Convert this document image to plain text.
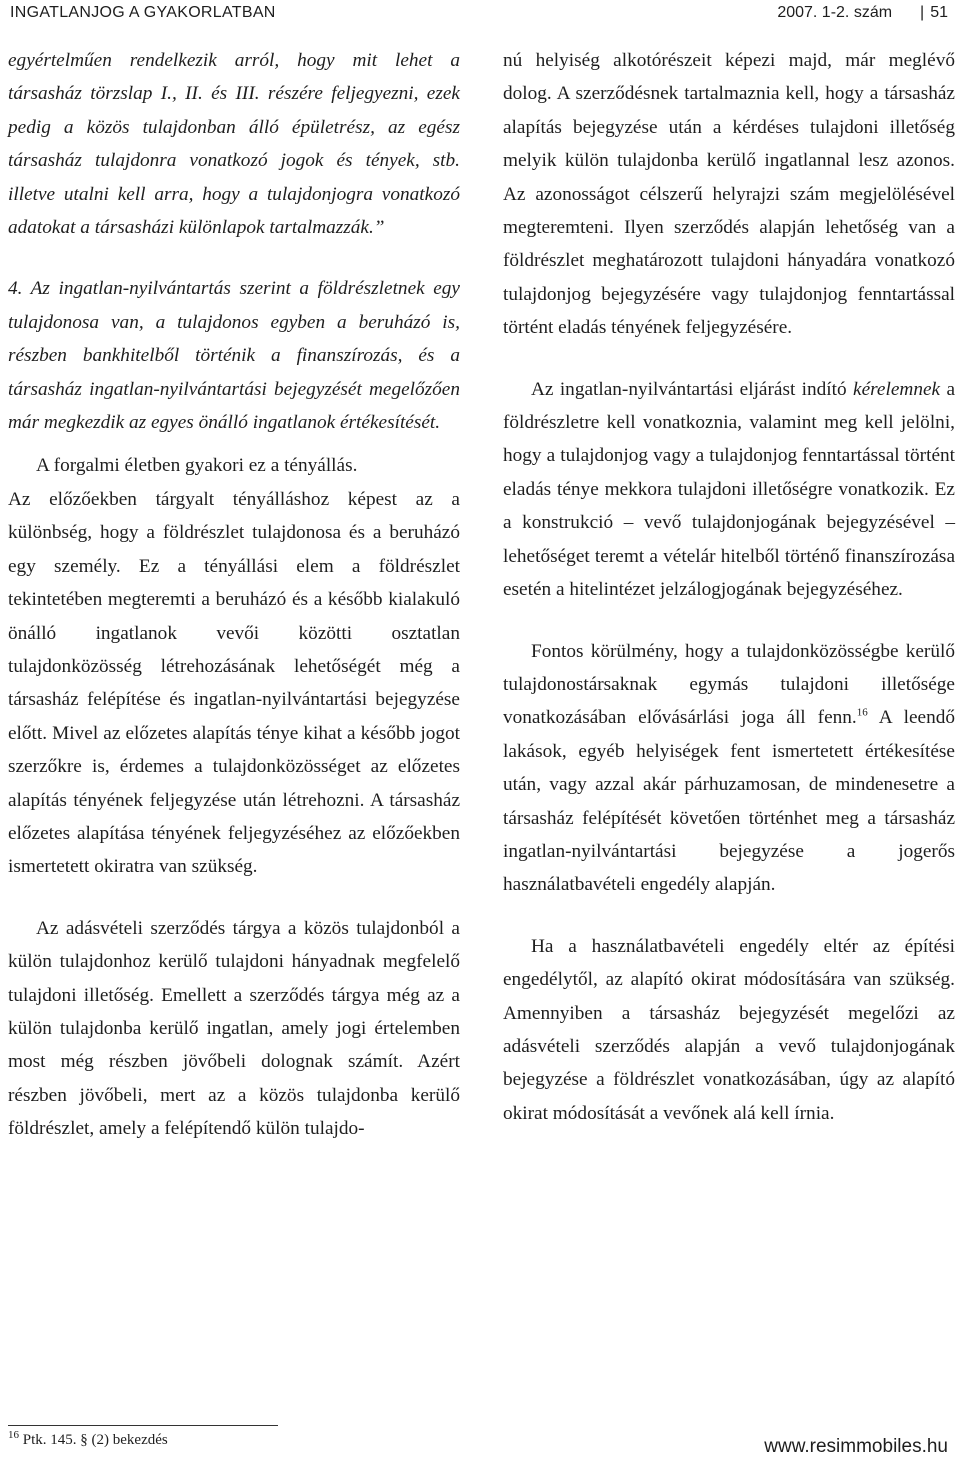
INGATLANJOG A GYAKORLATBAN	2007. 1-2. szám | 51

egyértelműen rendelkezik arról, hogy mit lehet a társasház törzslap I., II. és III. részére feljegyezni, ezek pedig a közös tulajdonban álló épületrész, az egész társasház tulajdonra vonatkozó jogok és tények, stb. illetve utalni kell arra, hogy a tulajdonjogra vonatkozó adatokat a társasházi különlapok tartalmazzák.”

4. Az ingatlan-nyilvántartás szerint a földrészletnek egy tulajdonosa van, a tulajdonos egyben a beruházó is, részben bankhitelből történik a finanszírozás, és a társasház ingatlan-nyilvántartási bejegyzését megelőzően már megkezdik az egyes önálló ingatlanok értékesítését.

A forgalmi életben gyakori ez a tényállás.

Az előzőekben tárgyalt tényálláshoz képest az a különbség, hogy a földrészlet tulajdonosa és a beruházó egy személy. Ez a tényállási elem a földrészlet tekintetében megteremti a beruházó és a később kialakuló önálló ingatlanok vevői közötti osztatlan tulajdonközösség létrehozásának lehetőségét még a társasház felépítése és ingatlan-nyilvántartási bejegyzése előtt. Mivel az előzetes alapítás ténye kihat a később jogot szerzőkre is, érdemes a tulajdonközösséget az előzetes alapítás tényének feljegyzése után létrehozni. A társasház előzetes alapítása tényének feljegyzéséhez az előzőekben ismertetett okiratra van szükség.

Az adásvételi szerződés tárgya a közös tulajdonból a külön tulajdonhoz kerülő tulajdoni hányadnak megfelelő tulajdoni illetőség. Emellett a szerződés tárgya még az a külön tulajdonba kerülő ingatlan, amely jogi értelemben most még részben jövőbeli dolognak számít. Azért részben jövőbeli, mert az a közös tulajdonba kerülő földrészlet, amely a felépítendő külön tulajdo-

nú helyiség alkotórészeit képezi majd, már meglévő dolog. A szerződésnek tartalmaznia kell, hogy a társasház alapítás bejegyzése után a kérdéses tulajdoni illetőség melyik külön tulajdonba kerülő ingatlannal lesz azonos. Az azonosságot célszerű helyrajzi szám megjelölésével megteremteni. Ilyen szerződés alapján lehetőség van a földrészlet meghatározott tulajdoni hányadára vonatkozó tulajdonjog bejegyzésére vagy tulajdonjog fenntartással történt eladás tényének feljegyzésére.

Az ingatlan-nyilvántartási eljárást indító kérelemnek a földrészletre kell vonatkoznia, valamint meg kell jelölni, hogy a tulajdonjog vagy a tulajdonjog fenntartással történt eladás ténye mekkora tulajdoni illetőségre vonatkozik. Ez a konstrukció – vevő tulajdonjogának bejegyzésével – lehetőséget teremt a vételár hitelből történő finanszírozása esetén a hitelintézet jelzálogjogának bejegyzéséhez.

Fontos körülmény, hogy a tulajdonközösségbe kerülő tulajdonostársaknak egymás tulajdoni illetősége vonatkozásában elővásárlási joga áll fenn.$^{16}$ A leendő lakások, egyéb helyiségek fent ismertetett értékesítése után, vagy azzal akár párhuzamosan, de mindenesetre a társasház felépítését követően történhet meg a társasház ingatlan-nyilvántartási bejegyzése a jogerős használatbavételi engedély alapján.

Ha a használatbavételi engedély eltér az építési engedélytől, az alapító okirat módosítására van szükség. Amennyiben a társasház bejegyzését megelőzi az adásvételi szerződés alapján a vevő tulajdonjogának bejegyzése a földrészlet vonatkozásában, úgy az alapító okirat módosítását a vevőnek alá kell írnia.

$^{16}$ Ptk. 145. § (2) bekezdés	www.resimmobiles.hu
